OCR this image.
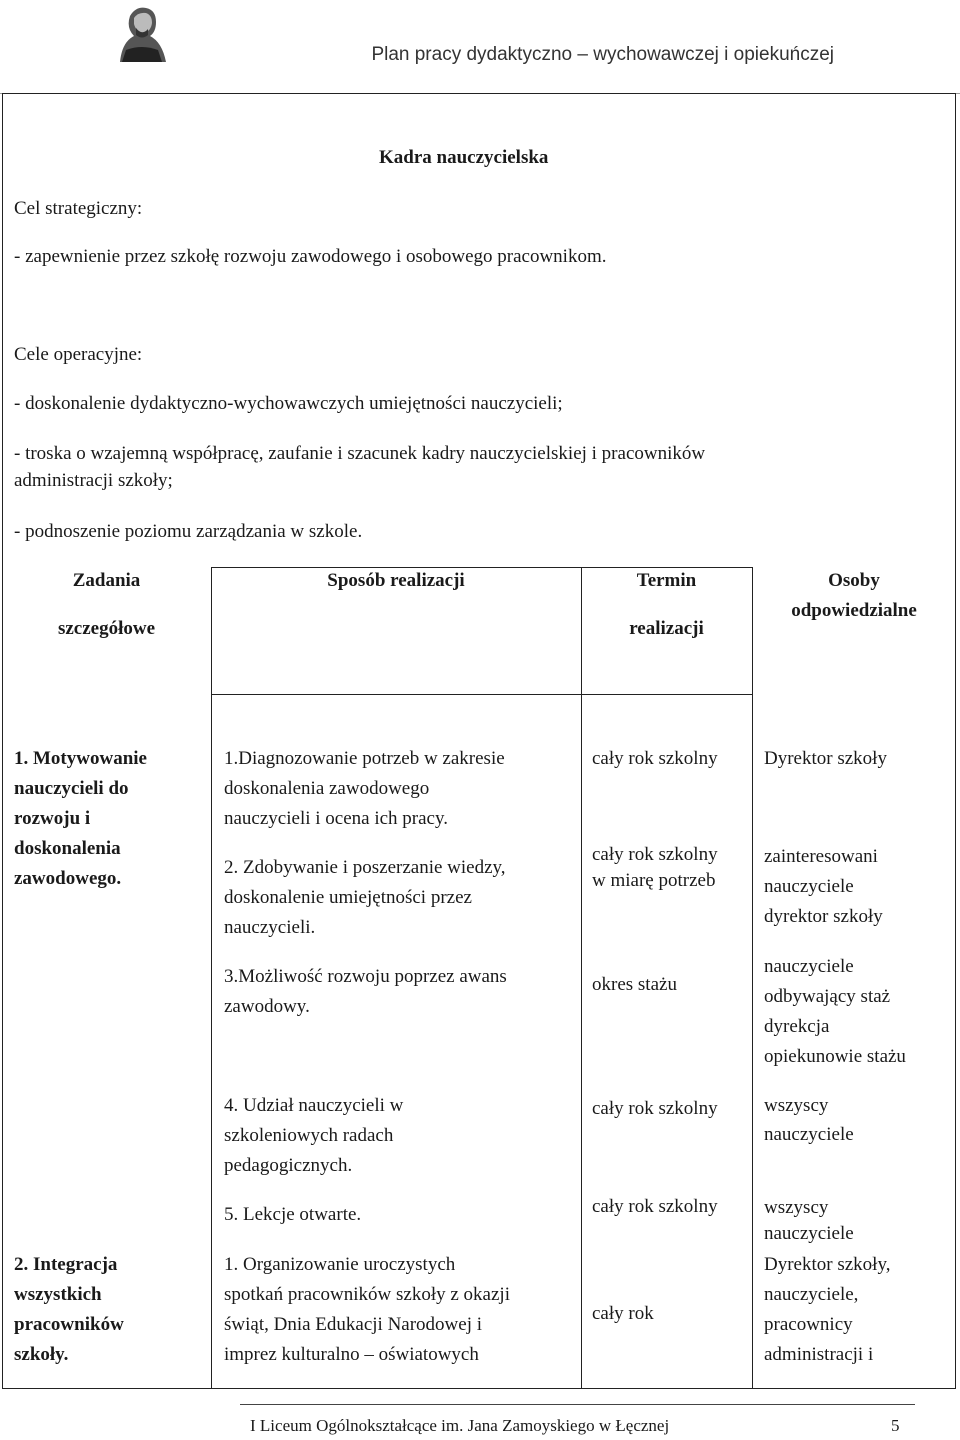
Plan pracy dydaktyczno – wychowawczej i opiekuńczej
Kadra nauczycielska
Cel strategiczny:
- zapewnienie przez szkołę rozwoju zawodowego i osobowego pracownikom.
Cele operacyjne:
- doskonalenie dydaktyczno-wychowawczych umiejętności nauczycieli;
- troska o wzajemną współpracę, zaufanie i szacunek kadry nauczycielskiej i pracowników
administracji szkoły;
- podnoszenie poziomu zarządzania w szkole.
Zadania
szczegółowe
Sposób realizacji	Termin
realizacji
Osoby
odpowiedzialne
1. Motywowanie
nauczycieli do
rozwoju i
doskonalenia
zawodowego.
2. Integracja
wszystkich
pracowników
szkoły.
1.Diagnozowanie potrzeb w zakresie
doskonalenia zawodowego
nauczycieli i ocena ich pracy.
2. Zdobywanie i poszerzanie wiedzy,
doskonalenie umiejętności przez
nauczycieli.
3.Możliwość rozwoju poprzez awans
zawodowy.
4. Udział nauczycieli w
szkoleniowych radach
pedagogicznych.
5. Lekcje otwarte.
1. Organizowanie uroczystych
spotkań pracowników szkoły z okazji
świąt, Dnia Edukacji Narodowej i
imprez kulturalno – oświatowych
cały rok szkolny
cały rok szkolny
w miarę potrzeb
okres stażu
cały rok szkolny
cały rok szkolny
cały rok
Dyrektor szkoły
zainteresowani
nauczyciele
dyrektor szkoły
nauczyciele
odbywający staż
dyrekcja
opiekunowie stażu
wszyscy
nauczyciele
wszyscy
nauczyciele
Dyrektor szkoły,
nauczyciele,
pracownicy
administracji i
I Liceum Ogólnokształcące im. Jana Zamoyskiego w Łęcznej	5
